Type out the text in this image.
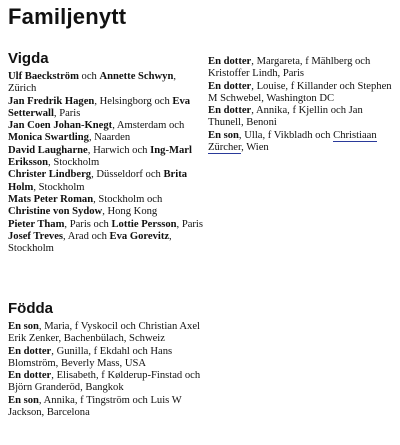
Familjenytt
Vigda

Ulf Baeckström och Annette Schwyn, Zürich

Jan Fredrik Hagen, Helsingborg och Eva Setterwall, Paris

Jan Coen Johan-Knegt, Amsterdam och Monica Swartling, Naarden

David Laugharne, Harwich och Ing-Marl Eriksson, Stockholm

Christer Lindberg, Düsseldorf och Brita Holm, Stockholm

Mats Peter Roman, Stockholm och Christine von Sydow, Hong Kong

Pieter Tham, Paris och Lottie Persson, Paris

Josef Treves, Arad och Eva Gorevitz, Stockholm

Födda

En son, Maria, f Vyskocil och Christian Axel Erik Zenker, Bachenbülach, Schweiz

En dotter, Gunilla, f Ekdahl och Hans Blomström, Beverly Mass, USA

En dotter, Elisabeth, f Kølderup-Finstad och Björn Granderöd, Bangkok

En son, Annika, f Tingström och Luis W Jackson, Barcelona

En dotter, Margareta, f Mählberg och Kristoffer Lindh, Paris

En dotter, Louise, f Killander och Stephen M Schwebel, Washington DC

En dotter, Annika, f Kjellin och Jan Thunell, Benoni

En son, Ulla, f Vikbladh och Christiaan Zürcher, Wien
